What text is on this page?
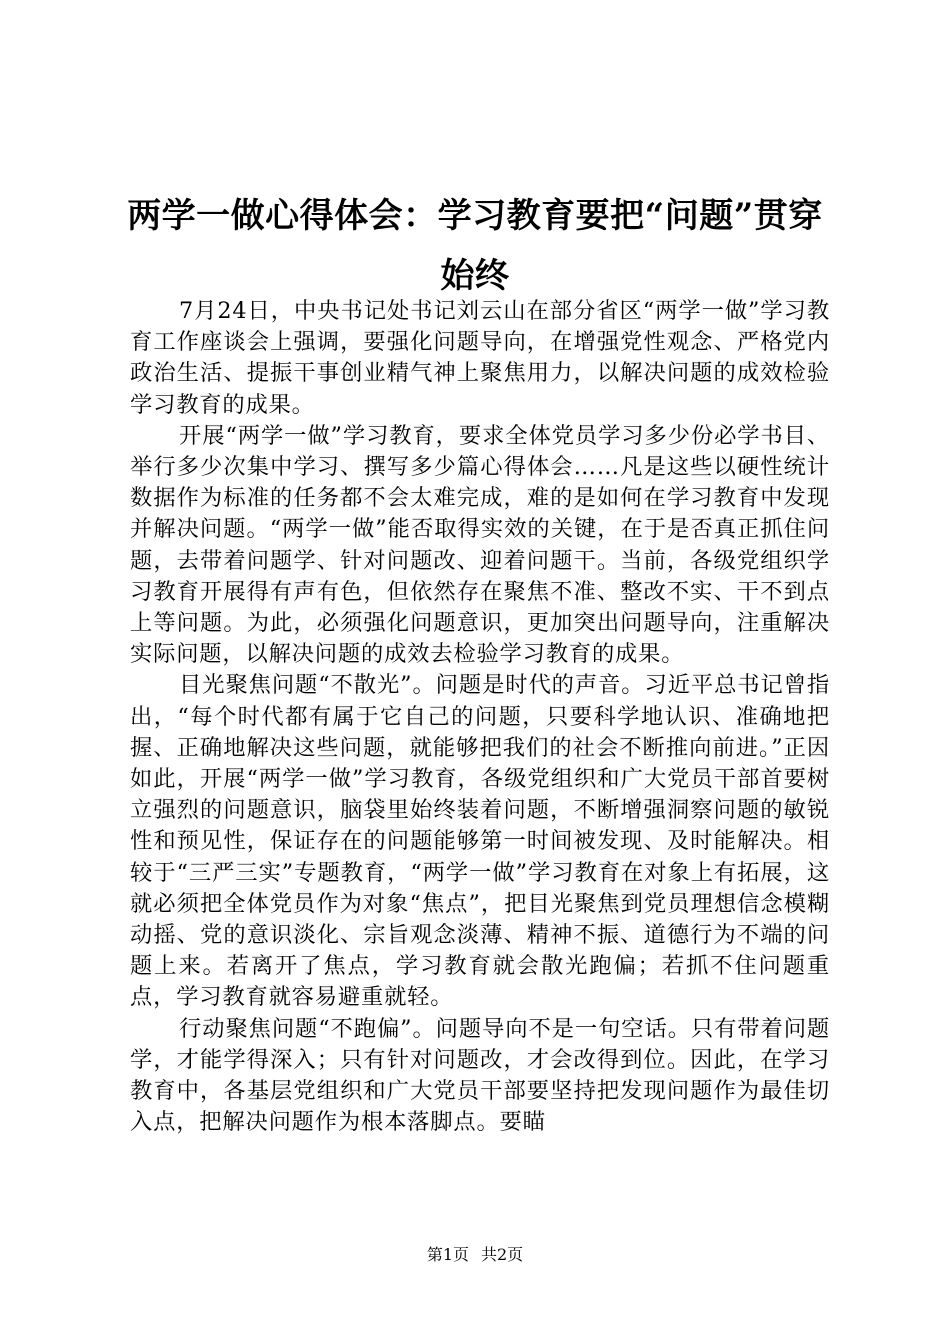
两学一做心得体会：学习教育要把“问题”贯穿始终

7月24日，中央书记处书记刘云山在部分省区“两学一做”学习教育工作座谈会上强调，要强化问题导向，在增强党性观念、严格党内政治生活、提振干事创业精气神上聚焦用力，以解决问题的成效检验学习教育的成果。

开展“两学一做”学习教育，要求全体党员学习多少份必学书目、举行多少次集中学习、撰写多少篇心得体会……凡是这些以硬性统计数据作为标准的任务都不会太难完成，难的是如何在学习教育中发现并解决问题。“两学一做”能否取得实效的关键，在于是否真正抓住问题，去带着问题学、针对问题改、迎着问题干。当前，各级党组织学习教育开展得有声有色，但依然存在聚焦不准、整改不实、干不到点上等问题。为此，必须强化问题意识，更加突出问题导向，注重解决实际问题，以解决问题的成效去检验学习教育的成果。

目光聚焦问题“不散光”。问题是时代的声音。习近平总书记曾指出，“每个时代都有属于它自己的问题，只要科学地认识、准确地把握、正确地解决这些问题，就能够把我们的社会不断推向前进。”正因如此，开展“两学一做”学习教育，各级党组织和广大党员干部首要树立强烈的问题意识，脑袋里始终装着问题，不断增强洞察问题的敏锐性和预见性，保证存在的问题能够第一时间被发现、及时能解决。相较于“三严三实”专题教育，“两学一做”学习教育在对象上有拓展，这就必须把全体党员作为对象“焦点”，把目光聚焦到党员理想信念模糊动摇、党的意识淡化、宗旨观念淡薄、精神不振、道德行为不端的问题上来。若离开了焦点，学习教育就会散光跑偏；若抓不住问题重点，学习教育就容易避重就轻。

行动聚焦问题“不跑偏”。问题导向不是一句空话。只有带着问题学，才能学得深入；只有针对问题改，才会改得到位。因此，在学习教育中，各基层党组织和广大党员干部要坚持把发现问题作为最佳切入点，把解决问题作为根本落脚点。要瞄

第1页 共2页
